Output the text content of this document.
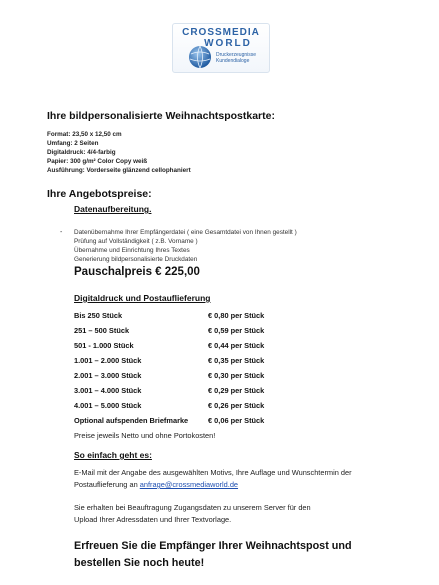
CROSSMEDIA
WORLD
Druckerzeugnisse
Kundendialoge
Ihre bildpersonalisierte Weihnachtspostkarte:
Format: 23,50 x 12,50 cm
Umfang: 2 Seiten
Digitaldruck: 4/4-farbig
Papier: 300 g/m² Color Copy weiß
Ausführung: Vorderseite glänzend cellophaniert
Ihre Angebotspreise:
Datenaufbereitung.
- Datenübernahme Ihrer Empfängerdatei ( eine Gesamtdatei von Ihnen gestellt )
Prüfung auf Vollständigkeit ( z.B. Vorname )
Übernahme und Einrichtung Ihres Textes
Generierung bildpersonalisierte Druckdaten
Pauschalpreis € 225,00
Digitaldruck und Postauflieferung
Bis 250 Stück	€ 0,80 per Stück
251 – 500 Stück	€ 0,59 per Stück
501 - 1.000 Stück	€ 0,44 per Stück
1.001 – 2.000 Stück	€ 0,35 per Stück
2.001 – 3.000 Stück	€ 0,30 per Stück
3.001 – 4.000 Stück	€ 0,29 per Stück
4.001 – 5.000 Stück	€ 0,26 per Stück
Optional aufspenden Briefmarke	€ 0,06 per Stück
Preise jeweils Netto und ohne Portokosten!
So einfach geht es:
E-Mail mit der Angabe des ausgewählten Motivs, Ihre Auflage und Wunschtermin der
Postauflieferung an anfrage@crossmediaworld.de
Sie erhalten bei Beauftragung Zugangsdaten zu unserem Server für den
Upload Ihrer Adressdaten und Ihrer Textvorlage.
Erfreuen Sie die Empfänger Ihrer Weihnachtspost und
bestellen Sie noch heute!
